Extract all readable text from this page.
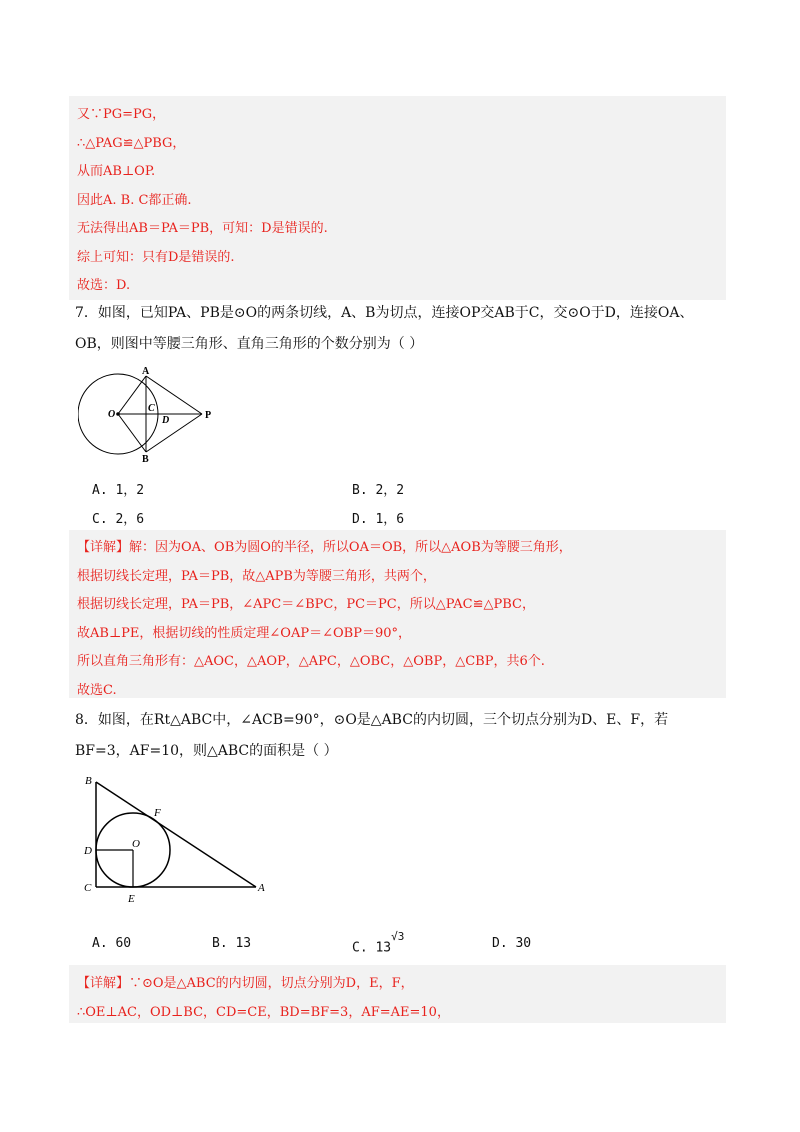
又∵PG=PG，
∴△PAG≌△PBG，
从而AB⊥OP.
因此A. B. C都正确.
无法得出AB＝PA＝PB，可知：D是错误的.
综上可知：只有D是错误的.
故选：D.
7．如图，已知PA、PB是⊙O的两条切线，A、B为切点，连接OP交AB于C，交⊙O于D，连接OA、
OB，则图中等腰三角形、直角三角形的个数分别为（ ）
A
B
C
D
O	P
A. 1，2	B. 2，2
C. 2，6	D. 1，6
【详解】解：因为OA、OB为圆O的半径，所以OA＝OB，所以△AOB为等腰三角形，
根据切线长定理，PA＝PB，故△APB为等腰三角形，共两个，
根据切线长定理，PA＝PB，∠APC＝∠BPC，PC＝PC，所以△PAC≌△PBC，
故AB⊥PE，根据切线的性质定理∠OAP＝∠OBP＝90°，
所以直角三角形有：△AOC，△AOP，△APC，△OBC，△OBP，△CBP，共6个.
故选C.
8．如图，在Rt△ABC中，∠ACB=90°，⊙O是△ABC的内切圆，三个切点分别为D、E、F，若
BF=3，AF=10，则△ABC的面积是（ ）
B
F
O
D
C
E
A
A. 60	B. 13	C. $13^{√3}$	D. 30
【详解】∵⊙O是△ABC的内切圆，切点分别为D，E，F，
∴OE⊥AC，OD⊥BC，CD=CE，BD=BF=3，AF=AE=10，
